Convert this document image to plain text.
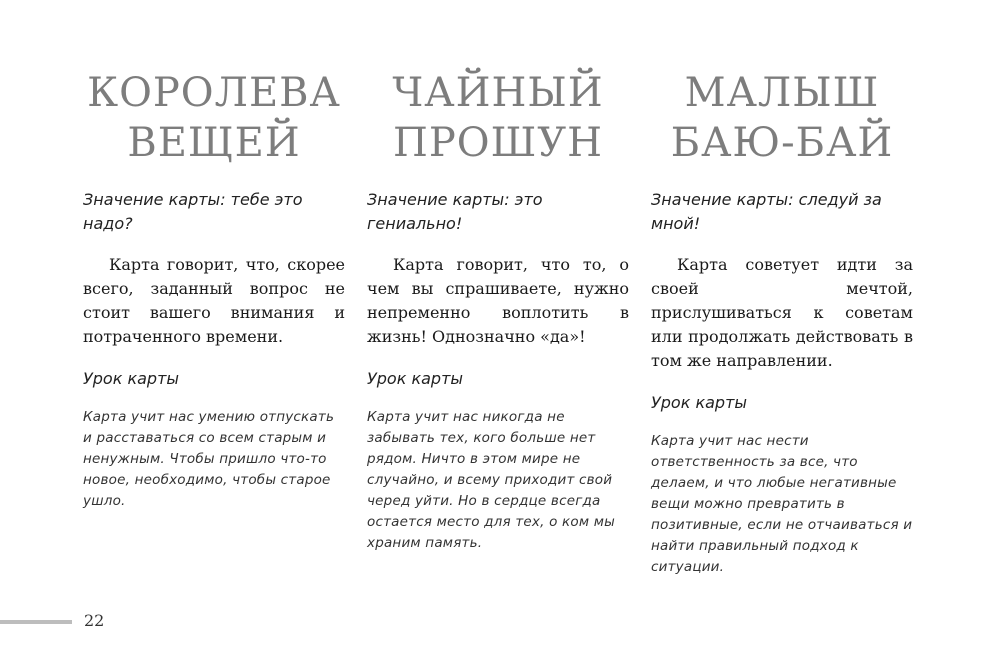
КОРОЛЕВА
ВЕЩЕЙ
Значение карты: тебе это надо?
Карта говорит, что, скорее всего, заданный вопрос не стоит вашего внимания и потраченного времени.
Урок карты
Карта учит нас умению отпускать и расставаться со всем старым и ненужным. Чтобы пришло что-то новое, необходимо, чтобы старое ушло.
ЧАЙНЫЙ
ПРОШУН
Значение карты: это гениально!
Карта говорит, что то, о чем вы спрашиваете, нужно непременно воплотить в жизнь! Однозначно «да»!
Урок карты
Карта учит нас никогда не забывать тех, кого больше нет рядом. Ничто в этом мире не случайно, и всему приходит свой черед уйти. Но в сердце всегда остается место для тех, о ком мы храним память.
МАЛЫШ
БАЮ-БАЙ
Значение карты: следуй за мной!
Карта советует идти за своей мечтой, прислушиваться к советам или продолжать действовать в том же направлении.
Урок карты
Карта учит нас нести ответственность за все, что делаем, и что любые негативные вещи можно превратить в позитивные, если не отчаиваться и найти правильный подход к ситуации.
22
